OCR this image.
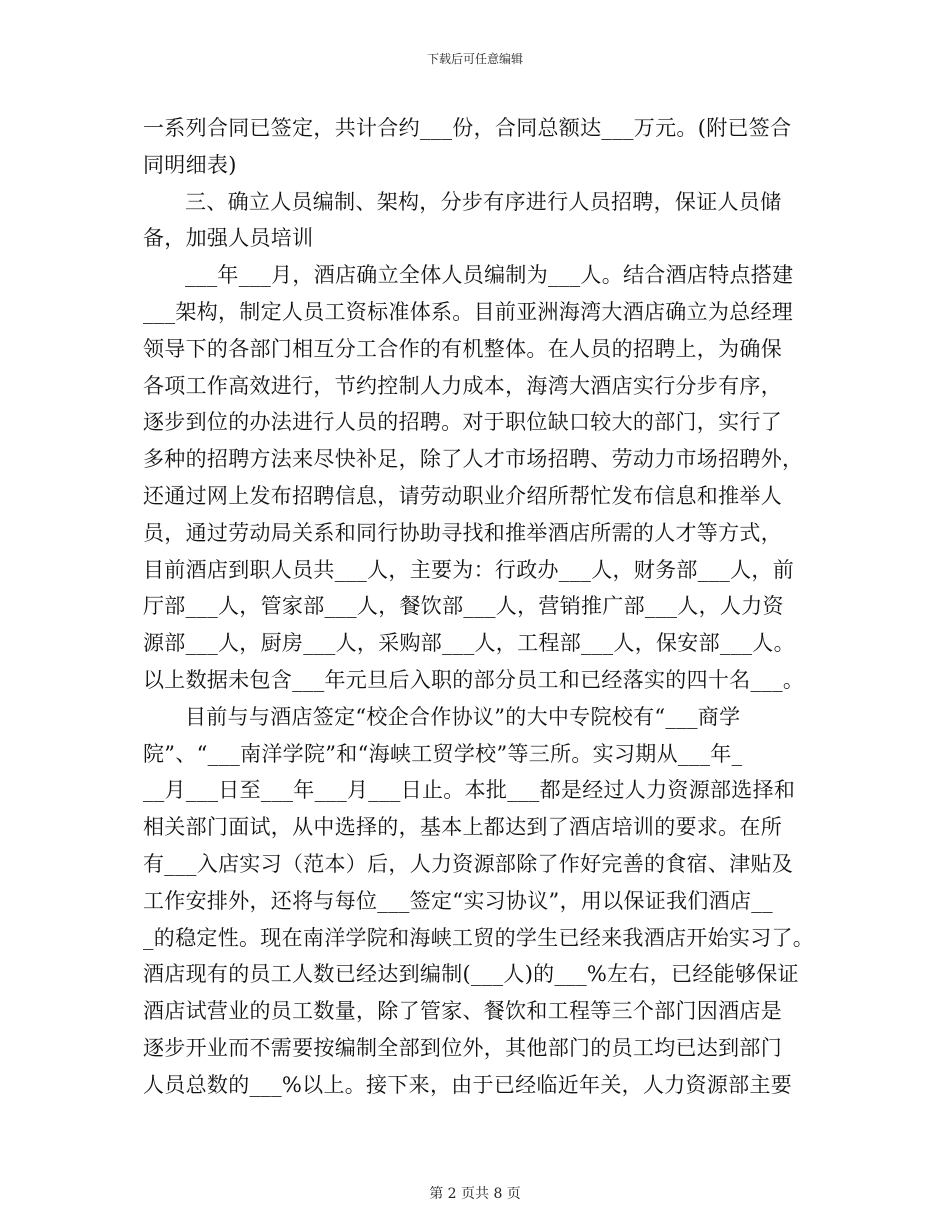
下载后可任意编辑
一系列合同已签定，共计合约___份，合同总额达___万元。(附已签合
同明细表)
三、确立人员编制、架构，分步有序进行人员招聘，保证人员储
备，加强人员培训
___年___月，酒店确立全体人员编制为___人。结合酒店特点搭建
___架构，制定人员工资标准体系。目前亚洲海湾大酒店确立为总经理
领导下的各部门相互分工合作的有机整体。在人员的招聘上，为确保
各项工作高效进行，节约控制人力成本，海湾大酒店实行分步有序，
逐步到位的办法进行人员的招聘。对于职位缺口较大的部门，实行了
多种的招聘方法来尽快补足，除了人才市场招聘、劳动力市场招聘外，
还通过网上发布招聘信息，请劳动职业介绍所帮忙发布信息和推举人
员，通过劳动局关系和同行协助寻找和推举酒店所需的人才等方式，
目前酒店到职人员共___人，主要为：行政办___人，财务部___人，前
厅部___人，管家部___人，餐饮部___人，营销推广部___人，人力资
源部___人，厨房___人，采购部___人，工程部___人，保安部___人。
以上数据未包含___年元旦后入职的部分员工和已经落实的四十名___。
目前与与酒店签定“校企合作协议”的大中专院校有“___商学
院”、“___南洋学院”和“海峡工贸学校”等三所。实习期从___年_
__月___日至___年___月___日止。本批___都是经过人力资源部选择和
相关部门面试，从中选择的，基本上都达到了酒店培训的要求。在所
有___入店实习（范本）后，人力资源部除了作好完善的食宿、津贴及
工作安排外，还将与每位___签定“实习协议”，用以保证我们酒店__
_的稳定性。现在南洋学院和海峡工贸的学生已经来我酒店开始实习了。
酒店现有的员工人数已经达到编制(___人)的___%左右，已经能够保证
酒店试营业的员工数量，除了管家、餐饮和工程等三个部门因酒店是
逐步开业而不需要按编制全部到位外，其他部门的员工均已达到部门
人员总数的___%以上。接下来，由于已经临近年关，人力资源部主要
第 2 页共 8 页
